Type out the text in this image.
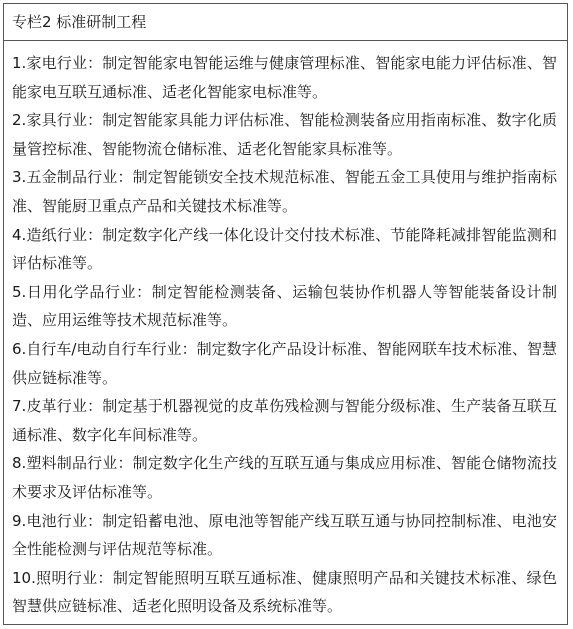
专栏2 标准研制工程

1.家电行业：制定智能家电智能运维与健康管理标准、智能家电能力评估标准、智能家电互联互通标准、适老化智能家电标准等。

2.家具行业：制定智能家具能力评估标准、智能检测装备应用指南标准、数字化质量管控标准、智能物流仓储标准、适老化智能家具标准等。

3.五金制品行业：制定智能锁安全技术规范标准、智能五金工具使用与维护指南标准、智能厨卫重点产品和关键技术标准等。

4.造纸行业：制定数字化产线一体化设计交付技术标准、节能降耗减排智能监测和评估标准等。

5.日用化学品行业：制定智能检测装备、运输包装协作机器人等智能装备设计制造、应用运维等技术规范标准等。

6.自行车/电动自行车行业：制定数字化产品设计标准、智能网联车技术标准、智慧供应链标准等。

7.皮革行业：制定基于机器视觉的皮革伤残检测与智能分级标准、生产装备互联互通标准、数字化车间标准等。

8.塑料制品行业：制定数字化生产线的互联互通与集成应用标准、智能仓储物流技术要求及评估标准等。

9.电池行业：制定铅蓄电池、原电池等智能产线互联互通与协同控制标准、电池安全性能检测与评估规范等标准。

10.照明行业：制定智能照明互联互通标准、健康照明产品和关键技术标准、绿色智慧供应链标准、适老化照明设备及系统标准等。
